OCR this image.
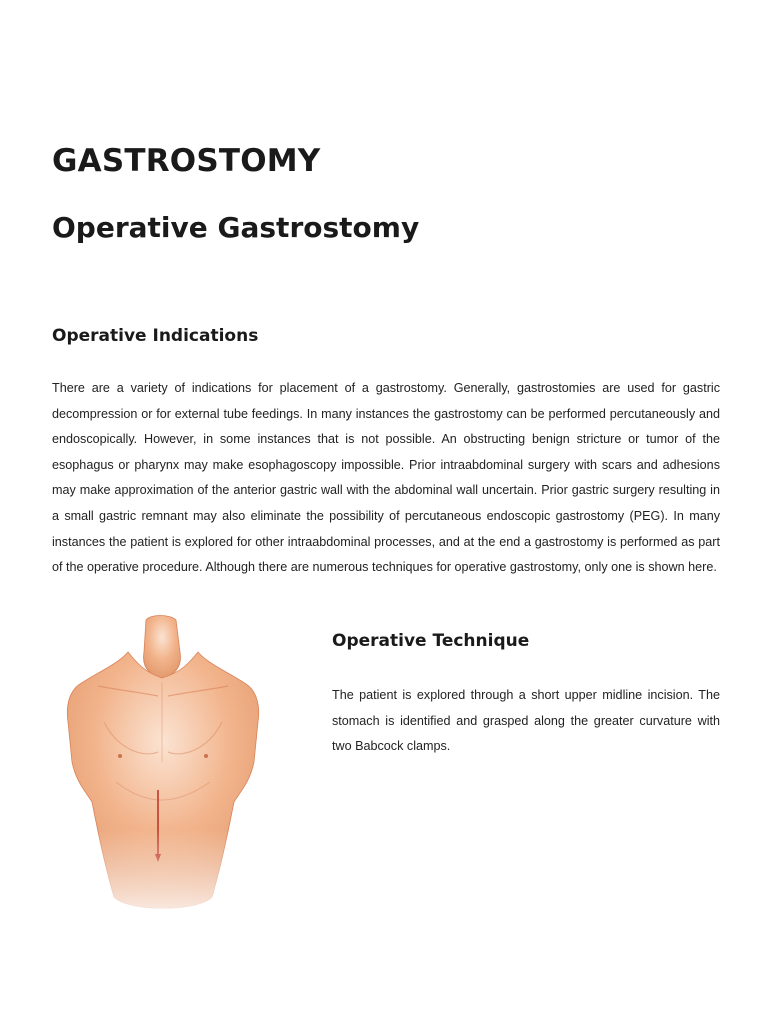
GASTROSTOMY
Operative Gastrostomy
Operative Indications

There are a variety of indications for placement of a gastrostomy. Generally, gastrostomies are used for gastric decompression or for external tube feedings. In many instances the gastrostomy can be performed percutaneously and endoscopically. However, in some instances that is not possible. An obstructing benign stricture or tumor of the esophagus or pharynx may make esophagoscopy impossible. Prior intraabdominal surgery with scars and adhesions may make approximation of the anterior gastric wall with the abdominal wall uncertain. Prior gastric surgery resulting in a small gastric remnant may also eliminate the possibility of percutaneous endoscopic gastrostomy (PEG). In many instances the patient is explored for other intraabdominal processes, and at the end a gastrostomy is performed as part of the operative procedure. Although there are numerous techniques for operative gastrostomy, only one is shown here.

Operative Technique

The patient is explored through a short upper midline incision. The stomach is identified and grasped along the greater curvature with two Babcock clamps.
